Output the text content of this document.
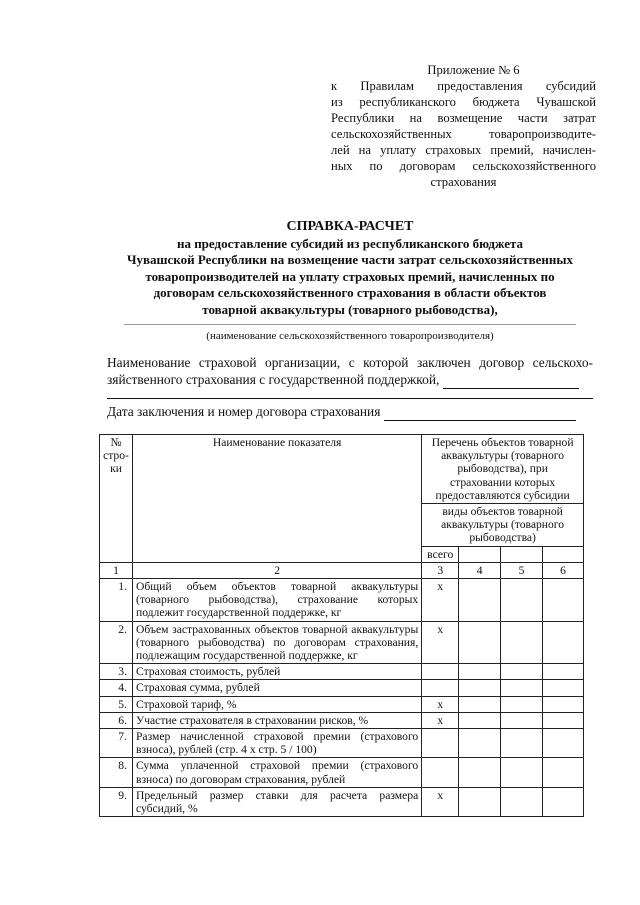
Приложение № 6
к Правилам предоставления субсидий
из республиканского бюджета Чувашской
Республики на возмещение части затрат
сельскохозяйственных товаропроизводите-
лей на уплату страховых премий, начислен-
ных по договорам сельскохозяйственного
страхования
СПРАВКА-РАСЧЕТ
на предоставление субсидий из республиканского бюджета
Чувашской Республики на возмещение части затрат сельскохозяйственных
товаропроизводителей на уплату страховых премий, начисленных по
договорам сельскохозяйственного страхования в области объектов
товарной аквакультуры (товарного рыбоводства),
(наименование сельскохозяйственного товаропроизводителя)
Наименование страховой организации, с которой заключен договор сельскохо-
зяйственного страхования с государственной поддержкой,
Дата заключения и номер договора страхования
№ стро- ки	Наименование показателя	Перечень объектов товарной аквакультуры (товарного рыбоводства), при страховании которых предоставляются субсидии			
		виды объектов товарной аквакультуры (товарного рыбоводства)			
		всего			
1	2	3	4	5	6
1.	Общий объем объектов товарной аквакультуры (товарного рыбоводства), страхование которых подлежит государственной поддержке, кг	х			
2.	Объем застрахованных объектов товарной аквакультуры (товарного рыбоводства) по договорам страхования, подлежащим государственной поддержке, кг	х			
3.	Страховая стоимость, рублей				
4.	Страховая сумма, рублей				
5.	Страховой тариф, %	х			
6.	Участие страхователя в страховании рисков, %	х			
7.	Размер начисленной страховой премии (страхового взноса), рублей (стр. 4 x стр. 5 / 100)				
8.	Сумма уплаченной страховой премии (страхового взноса) по договорам страхования, рублей				
9.	Предельный размер ставки для расчета размера субсидий, %	х			
